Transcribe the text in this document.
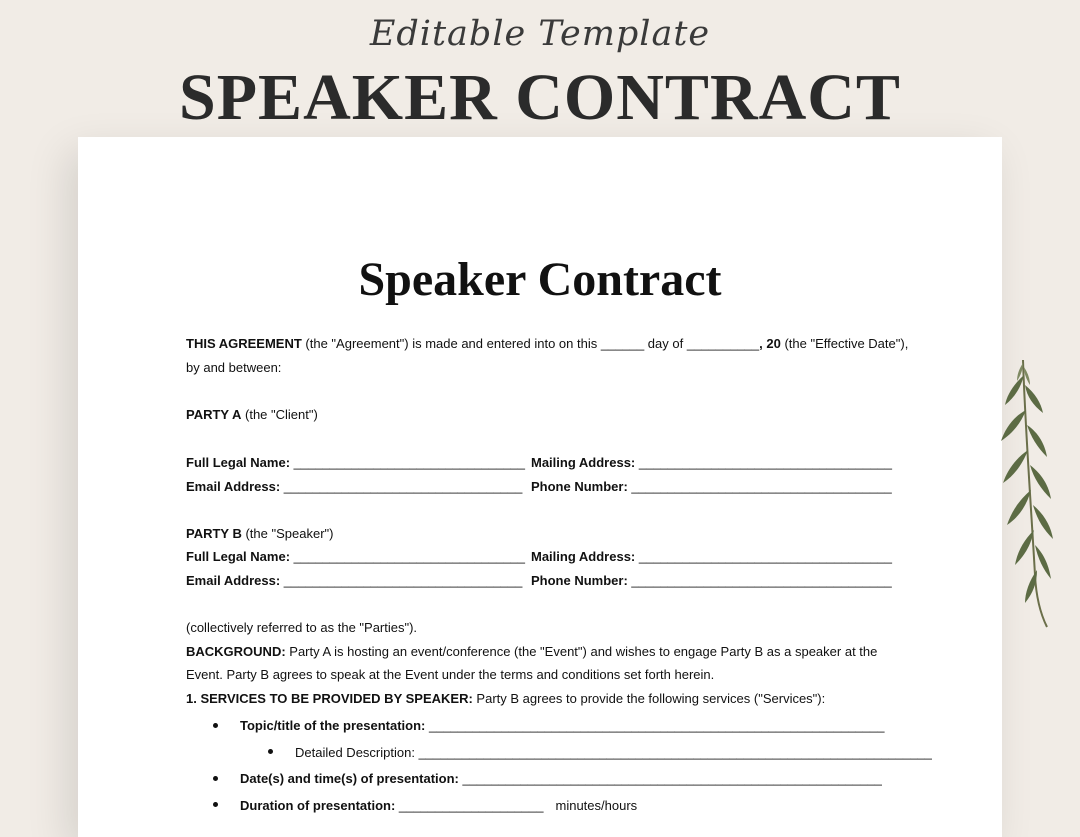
Editable Template
SPEAKER CONTRACT
Speaker Contract
THIS AGREEMENT (the "Agreement") is made and entered into on this ______ day of __________, 20 (the "Effective Date"),
by and between:
PARTY A (the "Client")
Full Legal Name: ________________________________ Mailing Address: ___________________________________
Email Address: _________________________________ Phone Number: ____________________________________
PARTY B (the "Speaker")
Full Legal Name: ________________________________ Mailing Address: ___________________________________
Email Address: _________________________________ Phone Number: ____________________________________
(collectively referred to as the "Parties").
BACKGROUND: Party A is hosting an event/conference (the "Event") and wishes to engage Party B as a speaker at the
Event. Party B agrees to speak at the Event under the terms and conditions set forth herein.
1. SERVICES TO BE PROVIDED BY SPEAKER: Party B agrees to provide the following services ("Services"):
Topic/title of the presentation: _______________________________________________________________
Detailed Description: _______________________________________________________________________
Date(s) and time(s) of presentation: __________________________________________________________
Duration of presentation: ____________________ minutes/hours
